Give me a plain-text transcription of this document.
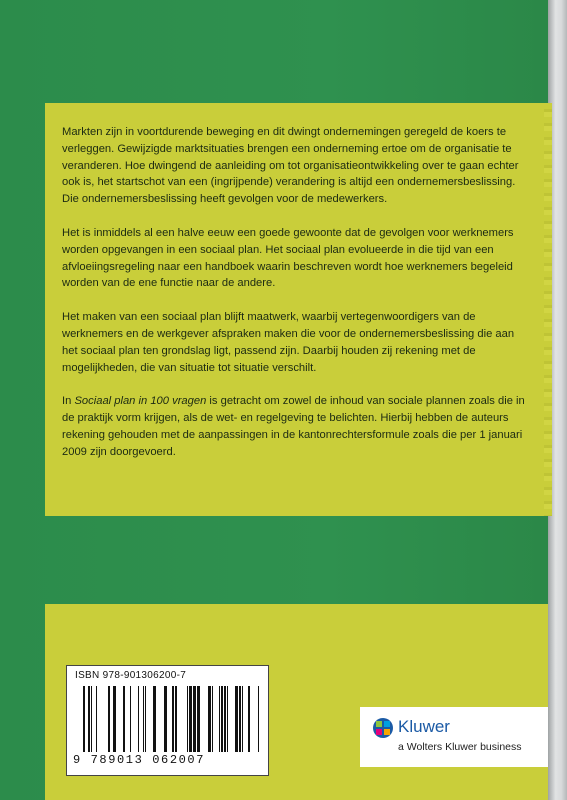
Markten zijn in voortdurende beweging en dit dwingt ondernemingen geregeld de koers te verleggen. Gewijzigde marktsituaties brengen een onderneming ertoe om de organisatie te veranderen. Hoe dwingend de aanleiding om tot organisatieontwikkeling over te gaan echter ook is, het startschot van een (ingrijpende) verandering is altijd een ondernemersbeslissing. Die ondernemersbeslissing heeft gevolgen voor de medewerkers.

Het is inmiddels al een halve eeuw een goede gewoonte dat de gevolgen voor werknemers worden opgevangen in een sociaal plan. Het sociaal plan evolueerde in die tijd van een afvloeiingsregeling naar een handboek waarin beschreven wordt hoe werknemers begeleid worden van de ene functie naar de andere.

Het maken van een sociaal plan blijft maatwerk, waarbij vertegenwoordigers van de werknemers en de werkgever afspraken maken die voor de ondernemersbeslissing die aan het sociaal plan ten grondslag ligt, passend zijn. Daarbij houden zij rekening met de mogelijkheden, die van situatie tot situatie verschilt.

In Sociaal plan in 100 vragen is getracht om zowel de inhoud van sociale plannen zoals die in de praktijk vorm krijgen, als de wet- en regelgeving te belichten. Hierbij hebben de auteurs rekening gehouden met de aanpassingen in de kantonrechtersformule zoals die per 1 januari 2009 zijn doorgevoerd.

ISBN 978-901306200-7
9 789013 062007
Kluwer
a Wolters Kluwer business
